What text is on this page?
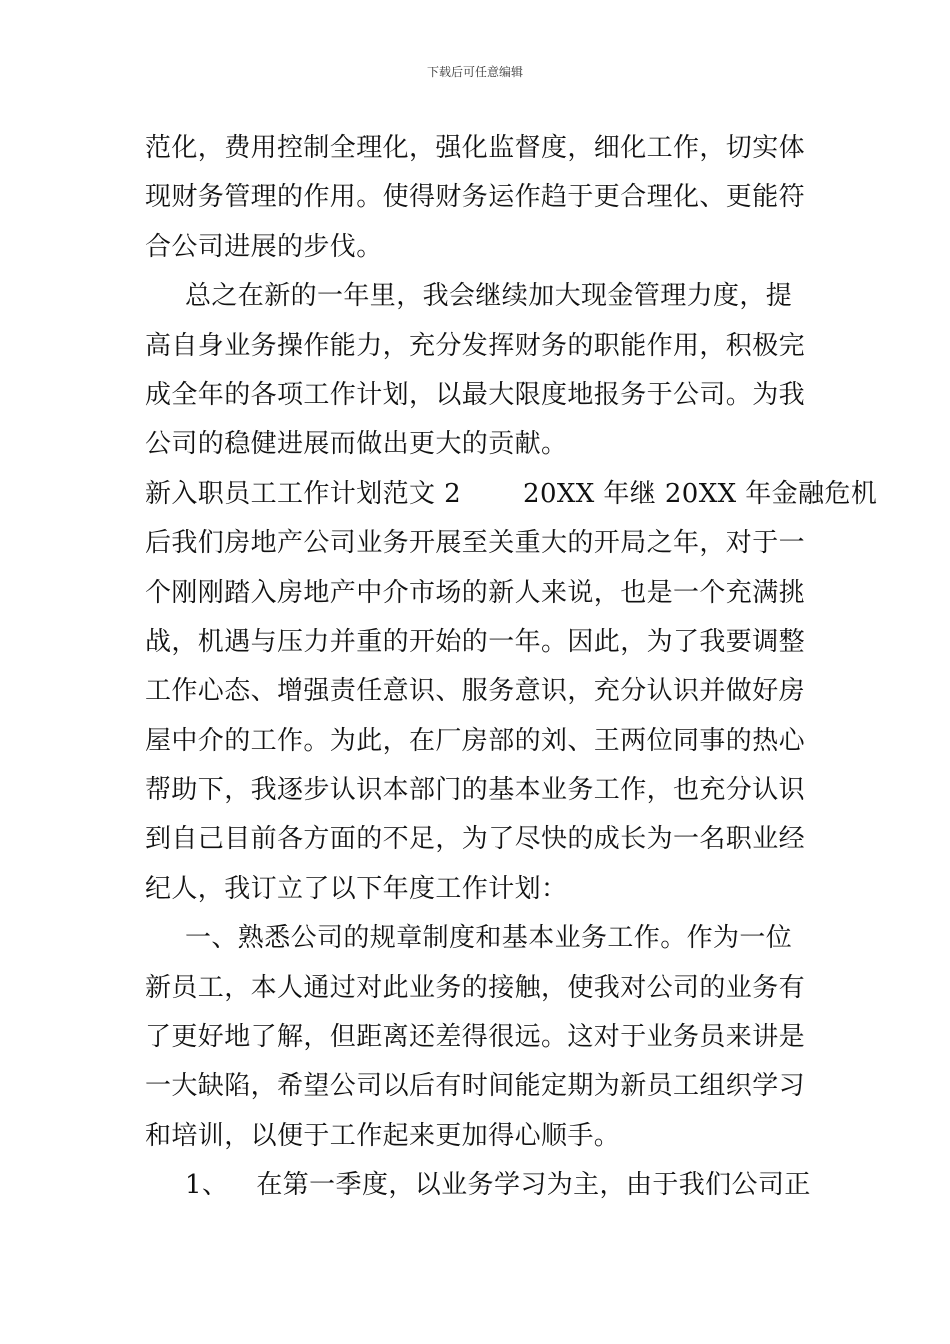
下载后可任意编辑
范化，费用控制全理化，强化监督度，细化工作，切实体
现财务管理的作用。使得财务运作趋于更合理化、更能符
合公司进展的步伐。
总之在新的一年里，我会继续加大现金管理力度，提
高自身业务操作能力，充分发挥财务的职能作用，积极完
成全年的各项工作计划，以最大限度地报务于公司。为我
公司的稳健进展而做出更大的贡献。
新入职员工工作计划范文 2 20XX 年继 20XX 年金融危机
后我们房地产公司业务开展至关重大的开局之年，对于一
个刚刚踏入房地产中介市场的新人来说，也是一个充满挑
战，机遇与压力并重的开始的一年。因此，为了我要调整
工作心态、增强责任意识、服务意识，充分认识并做好房
屋中介的工作。为此，在厂房部的刘、王两位同事的热心
帮助下，我逐步认识本部门的基本业务工作，也充分认识
到自己目前各方面的不足，为了尽快的成长为一名职业经
纪人，我订立了以下年度工作计划：
一、熟悉公司的规章制度和基本业务工作。作为一位
新员工，本人通过对此业务的接触，使我对公司的业务有
了更好地了解，但距离还差得很远。这对于业务员来讲是
一大缺陷，希望公司以后有时间能定期为新员工组织学习
和培训，以便于工作起来更加得心顺手。
1、 在第一季度，以业务学习为主，由于我们公司正
